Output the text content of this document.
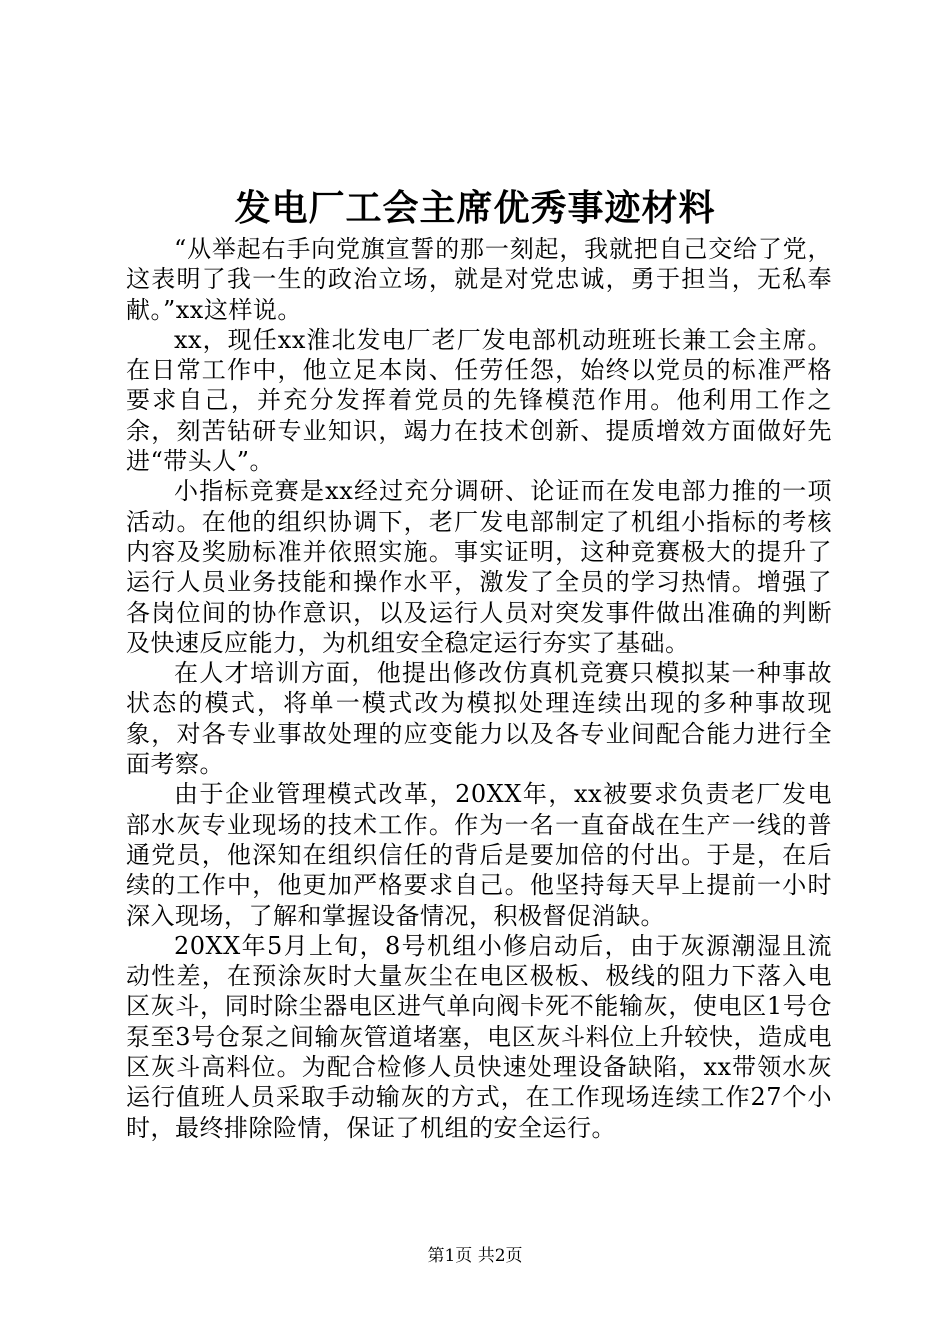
发电厂工会主席优秀事迹材料

“从举起右手向党旗宣誓的那一刻起，我就把自己交给了党，这表明了我一生的政治立场，就是对党忠诚，勇于担当，无私奉献。”xx这样说。

xx，现任xx淮北发电厂老厂发电部机动班班长兼工会主席。在日常工作中，他立足本岗、任劳任怨，始终以党员的标准严格要求自己，并充分发挥着党员的先锋模范作用。他利用工作之余，刻苦钻研专业知识，竭力在技术创新、提质增效方面做好先进“带头人”。

小指标竞赛是xx经过充分调研、论证而在发电部力推的一项活动。在他的组织协调下，老厂发电部制定了机组小指标的考核内容及奖励标准并依照实施。事实证明，这种竞赛极大的提升了运行人员业务技能和操作水平，激发了全员的学习热情。增强了各岗位间的协作意识，以及运行人员对突发事件做出准确的判断及快速反应能力，为机组安全稳定运行夯实了基础。

在人才培训方面，他提出修改仿真机竞赛只模拟某一种事故状态的模式，将单一模式改为模拟处理连续出现的多种事故现象，对各专业事故处理的应变能力以及各专业间配合能力进行全面考察。

由于企业管理模式改革，20XX年，xx被要求负责老厂发电部水灰专业现场的技术工作。作为一名一直奋战在生产一线的普通党员，他深知在组织信任的背后是要加倍的付出。于是，在后续的工作中，他更加严格要求自己。他坚持每天早上提前一小时深入现场，了解和掌握设备情况，积极督促消缺。

20XX年5月上旬，8号机组小修启动后，由于灰源潮湿且流动性差，在预涂灰时大量灰尘在电区极板、极线的阻力下落入电区灰斗，同时除尘器电区进气单向阀卡死不能输灰，使电区1号仓泵至3号仓泵之间输灰管道堵塞，电区灰斗料位上升较快，造成电区灰斗高料位。为配合检修人员快速处理设备缺陷，xx带领水灰运行值班人员采取手动输灰的方式，在工作现场连续工作27个小时，最终排除险情，保证了机组的安全运行。

第1页 共2页
